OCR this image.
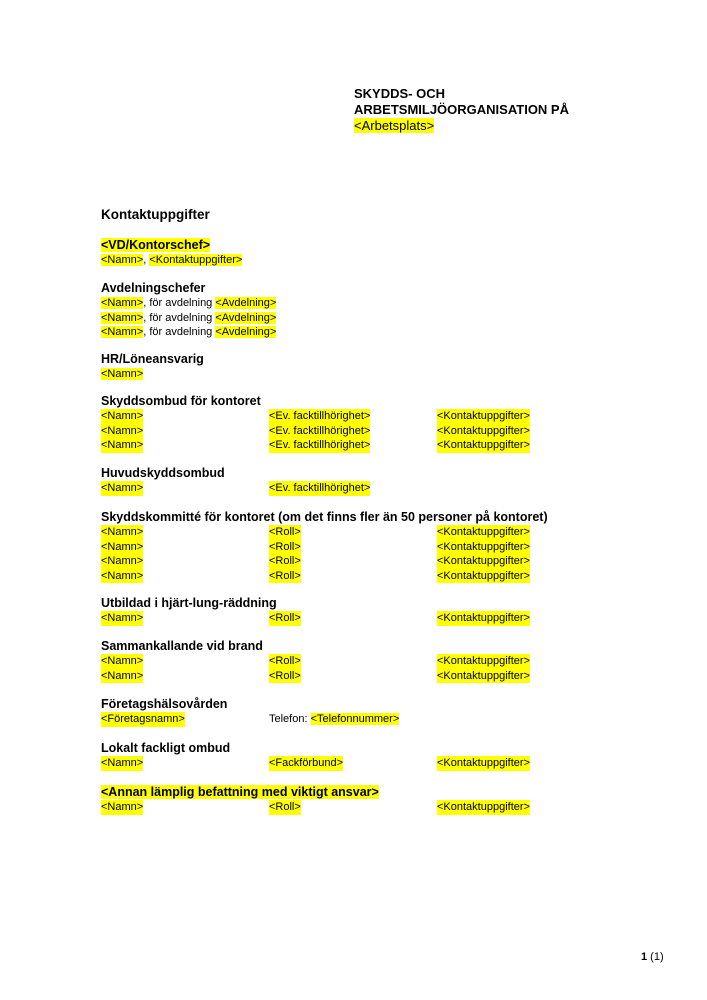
SKYDDS- OCH
ARBETSMILJÖORGANISATION PÅ
<Arbetsplats>
Kontaktuppgifter
<VD/Kontorschef>
<Namn>, <Kontaktuppgifter>
Avdelningschefer
<Namn>, för avdelning <Avdelning>
<Namn>, för avdelning <Avdelning>
<Namn>, för avdelning <Avdelning>
HR/Löneansvarig
<Namn>
Skyddsombud för kontoret
<Namn>	<Ev. facktillhörighet>	<Kontaktuppgifter>
<Namn>	<Ev. facktillhörighet>	<Kontaktuppgifter>
<Namn>	<Ev. facktillhörighet>	<Kontaktuppgifter>
Huvudskyddsombud
<Namn>	<Ev. facktillhörighet>
Skyddskommitté för kontoret (om det finns fler än 50 personer på kontoret)
<Namn>	<Roll>	<Kontaktuppgifter>
<Namn>	<Roll>	<Kontaktuppgifter>
<Namn>	<Roll>	<Kontaktuppgifter>
<Namn>	<Roll>	<Kontaktuppgifter>
Utbildad i hjärt-lung-räddning
<Namn>	<Roll>	<Kontaktuppgifter>
Sammankallande vid brand
<Namn>	<Roll>	<Kontaktuppgifter>
<Namn>	<Roll>	<Kontaktuppgifter>
Företagshälsovården
<Företagsnamn>	Telefon: <Telefonnummer>
Lokalt fackligt ombud
<Namn>	<Fackförbund>	<Kontaktuppgifter>
<Annan lämplig befattning med viktigt ansvar>
<Namn>	<Roll>	<Kontaktuppgifter>
1 (1)
